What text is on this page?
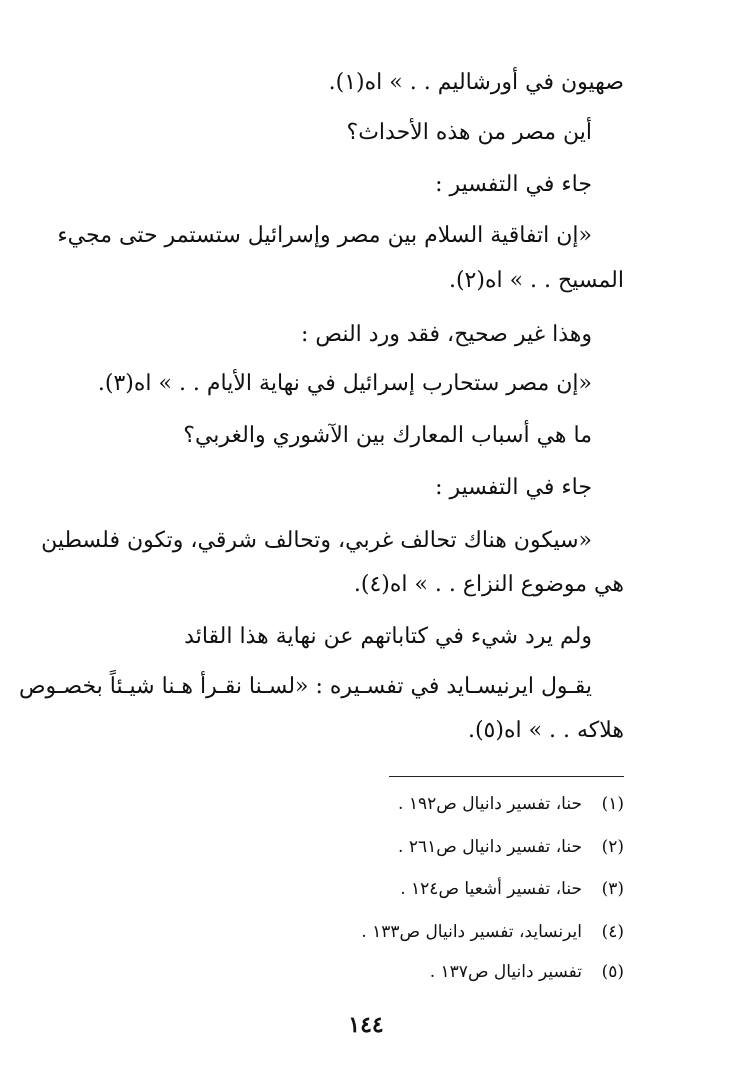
صهيون في أورشاليم . . » اه(١).
أين مصر من هذه الأحداث؟
جاء في التفسير :
«إن اتفاقية السلام بين مصر وإسرائيل ستستمر حتى مجيء
المسيح . . » اه(٢).
وهذا غير صحيح، فقد ورد النص :
«إن مصر ستحارب إسرائيل في نهاية الأيام . . » اه(٣).
ما هي أسباب المعارك بين الآشوري والغربي؟
جاء في التفسير :
«سيكون هناك تحالف غربي، وتحالف شرقي، وتكون فلسطين
هي موضوع النزاع . . » اه(٤).
ولم يرد شيء في كتاباتهم عن نهاية هذا القائد
يقـول ايرنيسـايد في تفسـيره : «لسـنا نقـرأ هـنا شيـئاً بخصـوص
هلاكه . . » اه(٥).
(١)حنا، تفسير دانيال ص١٩٢ .
(٢)حنا، تفسير دانيال ص٢٦١ .
(٣)حنا، تفسير أشعيا ص١٢٤ .
(٤)ايرنسايد، تفسير دانيال ص١٣٣ .
(٥)تفسير دانيال ص١٣٧ .
١٤٤
